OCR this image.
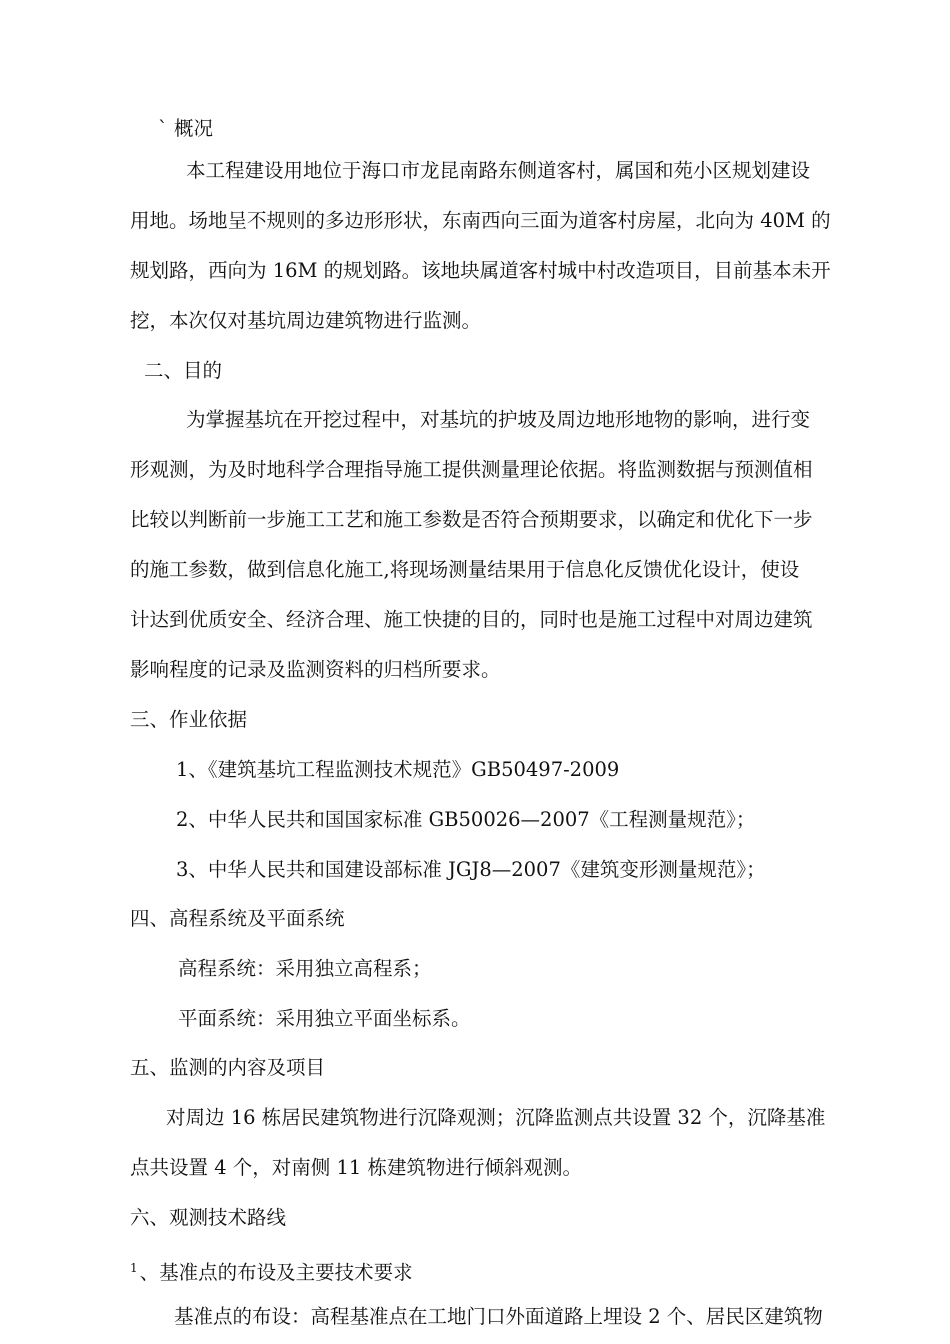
` 概况
本工程建设用地位于海口市龙昆南路东侧道客村，属国和苑小区规划建设
用地。场地呈不规则的多边形形状，东南西向三面为道客村房屋，北向为 40M 的
规划路，西向为 16M 的规划路。该地块属道客村城中村改造项目，目前基本未开
挖，本次仅对基坑周边建筑物进行监测。
二、目的
为掌握基坑在开挖过程中，对基坑的护坡及周边地形地物的影响，进行变
形观测，为及时地科学合理指导施工提供测量理论依据。将监测数据与预测值相
比较以判断前一步施工工艺和施工参数是否符合预期要求，以确定和优化下一步
的施工参数，做到信息化施工,将现场测量结果用于信息化反馈优化设计，使设
计达到优质安全、经济合理、施工快捷的目的，同时也是施工过程中对周边建筑
影响程度的记录及监测资料的归档所要求。
三、作业依据
1、《建筑基坑工程监测技术规范》GB50497-2009
2、中华人民共和国国家标准 GB50026—2007《工程测量规范》；
3、中华人民共和国建设部标准 JGJ8—2007《建筑变形测量规范》；
四、高程系统及平面系统
高程系统：采用独立高程系；
平面系统：采用独立平面坐标系。
五、监测的内容及项目
对周边 16 栋居民建筑物进行沉降观测；沉降监测点共设置 32 个，沉降基准
点共设置 4 个，对南侧 11 栋建筑物进行倾斜观测。
六、观测技术路线
$^1$ 、基准点的布设及主要技术要求
基准点的布设：高程基准点在工地门口外面道路上埋设 2 个、居民区建筑物
